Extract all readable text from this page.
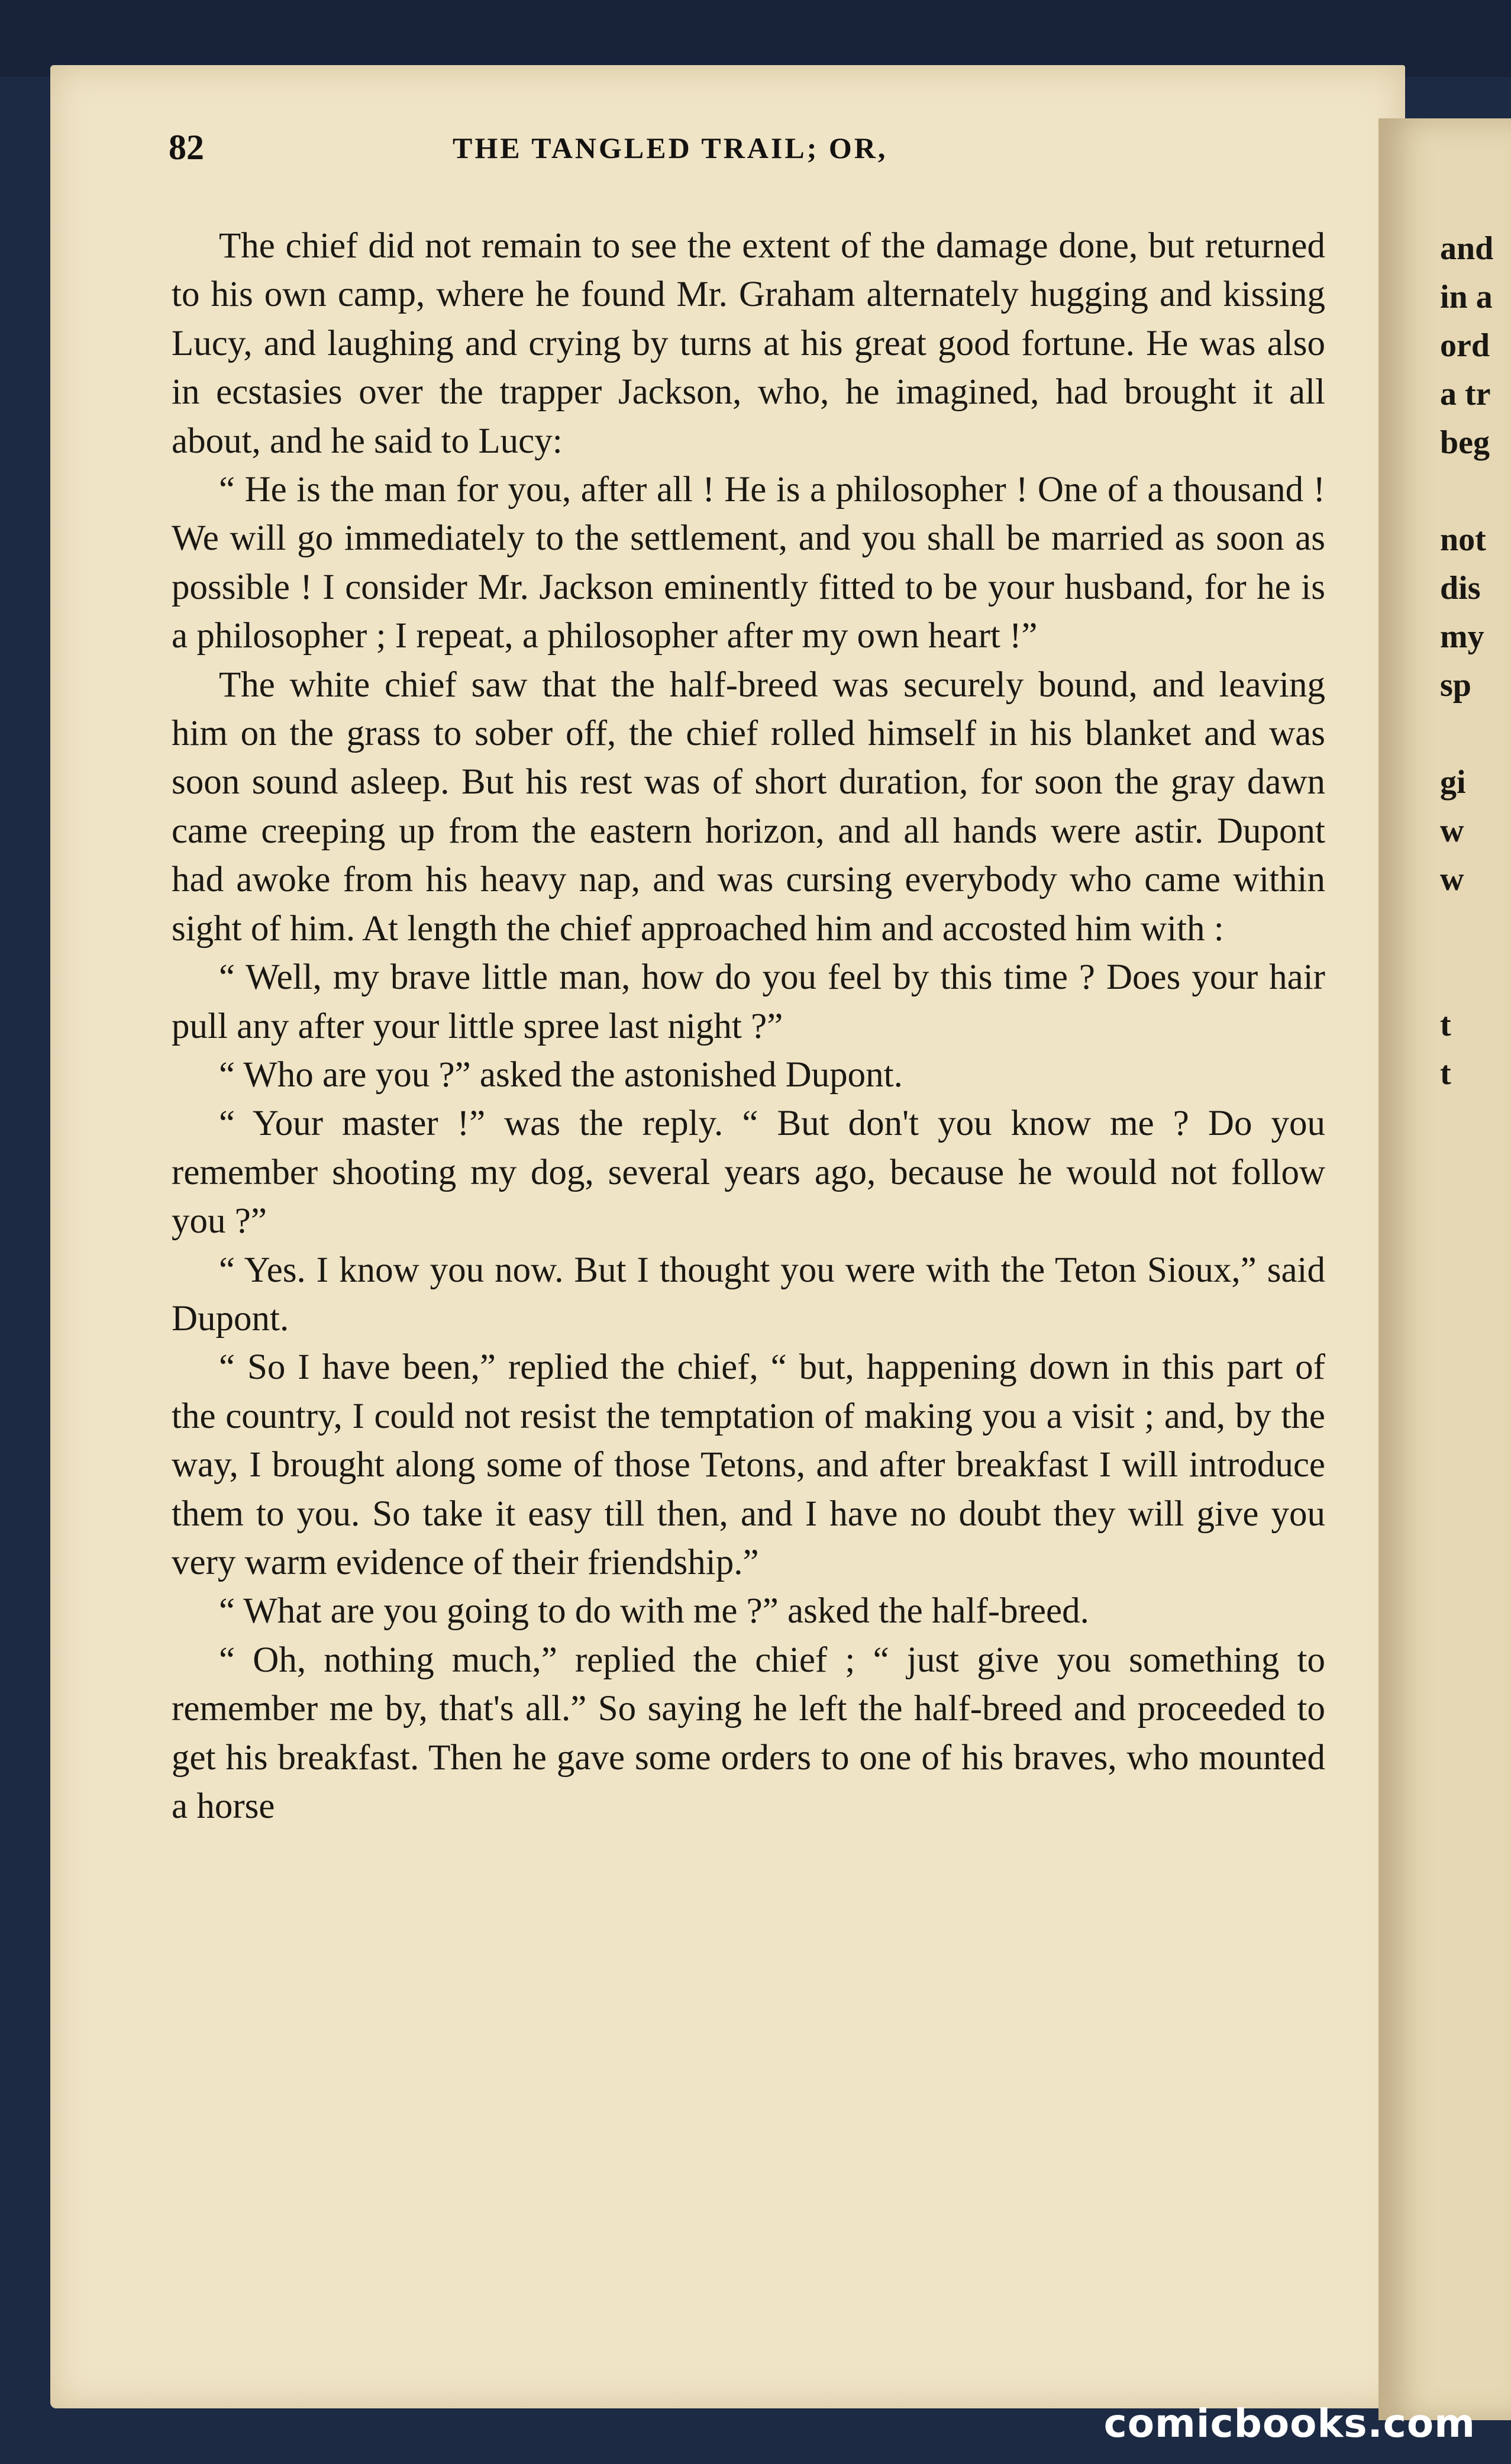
and
in a
ord
a tr
beg
not
dis
my
sp
gi
w
w
t
t
82	THE TANGLED TRAIL; OR,

The chief did not remain to see the extent of the damage done, but returned to his own camp, where he found Mr. Graham alternately hugging and kissing Lucy, and laughing and crying by turns at his great good fortune. He was also in ecstasies over the trapper Jackson, who, he imagined, had brought it all about, and he said to Lucy:

“ He is the man for you, after all ! He is a philosopher ! One of a thousand ! We will go immediately to the settlement, and you shall be married as soon as possible ! I consider Mr. Jackson eminently fitted to be your husband, for he is a philosopher ; I repeat, a philosopher after my own heart !”

The white chief saw that the half-breed was securely bound, and leaving him on the grass to sober off, the chief rolled himself in his blanket and was soon sound asleep. But his rest was of short duration, for soon the gray dawn came creeping up from the eastern horizon, and all hands were astir. Dupont had awoke from his heavy nap, and was cursing everybody who came within sight of him. At length the chief approached him and accosted him with :

“ Well, my brave little man, how do you feel by this time ? Does your hair pull any after your little spree last night ?”

“ Who are you ?” asked the astonished Dupont.

“ Your master !” was the reply. “ But don't you know me ? Do you remember shooting my dog, several years ago, because he would not follow you ?”

“ Yes. I know you now. But I thought you were with the Teton Sioux,” said Dupont.

“ So I have been,” replied the chief, “ but, happening down in this part of the country, I could not resist the temptation of making you a visit ; and, by the way, I brought along some of those Tetons, and after breakfast I will introduce them to you. So take it easy till then, and I have no doubt they will give you very warm evidence of their friendship.”

“ What are you going to do with me ?” asked the half-breed.

“ Oh, nothing much,” replied the chief ; “ just give you something to remember me by, that's all.” So saying he left the half-breed and proceeded to get his breakfast. Then he gave some orders to one of his braves, who mounted a horse

comicbooks.com
